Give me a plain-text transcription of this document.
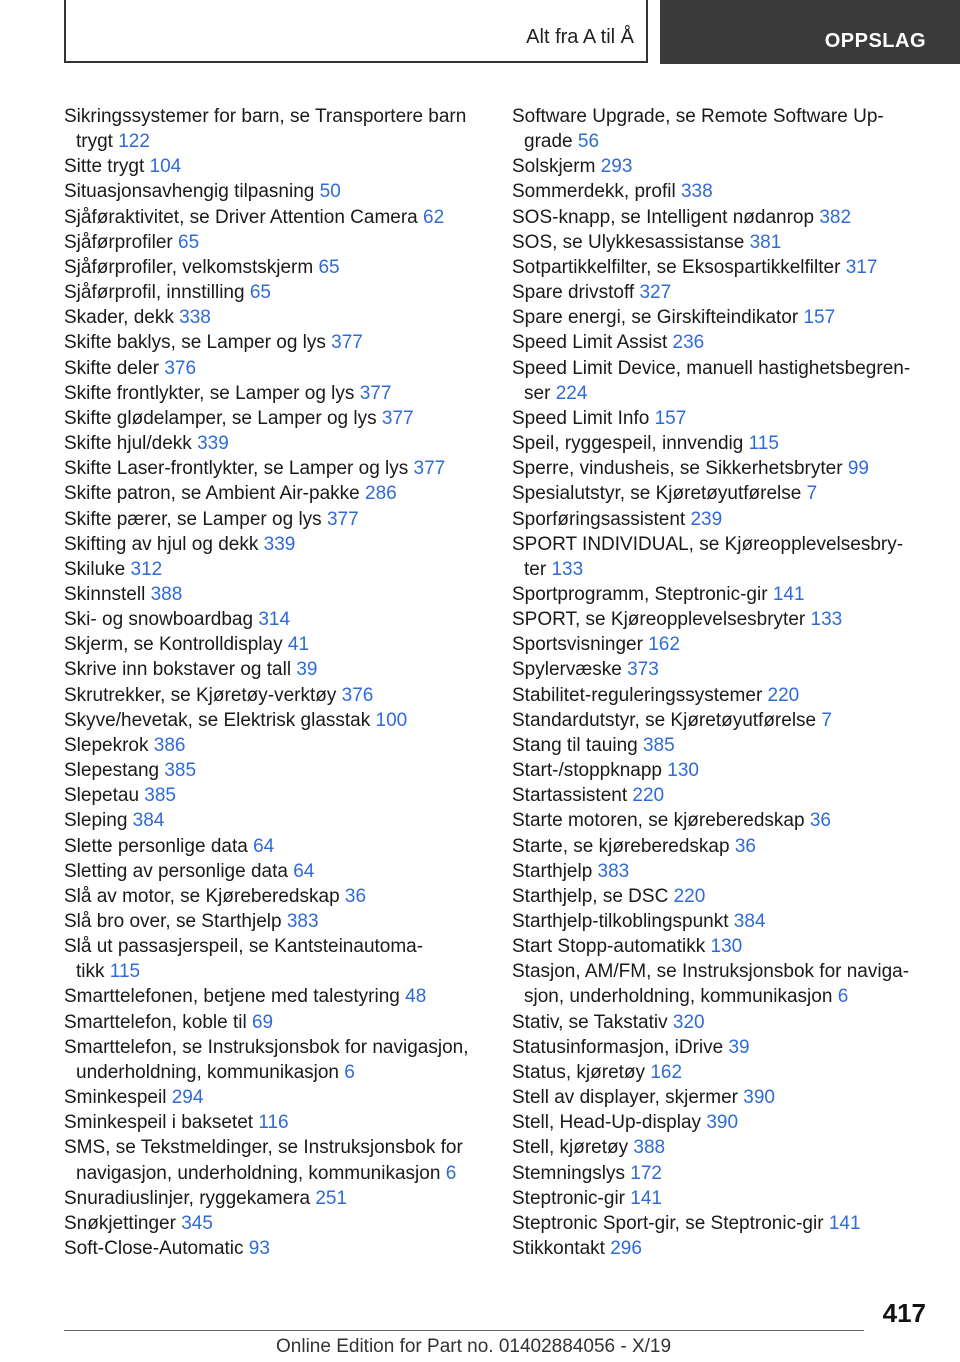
Alt fra A til Å	OPPSLAG
Sikringssystemer for barn, se Transportere barn
trygt 122
Sitte trygt 104
Situasjonsavhengig tilpasning 50
Sjåføraktivitet, se Driver Attention Camera 62
Sjåførprofiler 65
Sjåførprofiler, velkomstskjerm 65
Sjåførprofil, innstilling 65
Skader, dekk 338
Skifte baklys, se Lamper og lys 377
Skifte deler 376
Skifte frontlykter, se Lamper og lys 377
Skifte glødelamper, se Lamper og lys 377
Skifte hjul/dekk 339
Skifte Laser-frontlykter, se Lamper og lys 377
Skifte patron, se Ambient Air-pakke 286
Skifte pærer, se Lamper og lys 377
Skifting av hjul og dekk 339
Skiluke 312
Skinnstell 388
Ski- og snowboardbag 314
Skjerm, se Kontrolldisplay 41
Skrive inn bokstaver og tall 39
Skrutrekker, se Kjøretøy-verktøy 376
Skyve/hevetak, se Elektrisk glasstak 100
Slepekrok 386
Slepestang 385
Slepetau 385
Sleping 384
Slette personlige data 64
Sletting av personlige data 64
Slå av motor, se Kjøreberedskap 36
Slå bro over, se Starthjelp 383
Slå ut passasjerspeil, se Kantsteinautoma-
tikk 115
Smarttelefonen, betjene med talestyring 48
Smarttelefon, koble til 69
Smarttelefon, se Instruksjonsbok for navigasjon,
underholdning, kommunikasjon 6
Sminkespeil 294
Sminkespeil i baksetet 116
SMS, se Tekstmeldinger, se Instruksjonsbok for
navigasjon, underholdning, kommunikasjon 6
Snuradiuslinjer, ryggekamera 251
Snøkjettinger 345
Soft-Close-Automatic 93
Software Upgrade, se Remote Software Up-
grade 56
Solskjerm 293
Sommerdekk, profil 338
SOS-knapp, se Intelligent nødanrop 382
SOS, se Ulykkesassistanse 381
Sotpartikkelfilter, se Eksospartikkelfilter 317
Spare drivstoff 327
Spare energi, se Girskifteindikator 157
Speed Limit Assist 236
Speed Limit Device, manuell hastighetsbegren-
ser 224
Speed Limit Info 157
Speil, ryggespeil, innvendig 115
Sperre, vindusheis, se Sikkerhetsbryter 99
Spesialutstyr, se Kjøretøyutførelse 7
Sporføringsassistent 239
SPORT INDIVIDUAL, se Kjøreopplevelsesbry-
ter 133
Sportprogramm, Steptronic-gir 141
SPORT, se Kjøreopplevelsesbryter 133
Sportsvisninger 162
Spylervæske 373
Stabilitet-reguleringssystemer 220
Standardutstyr, se Kjøretøyutførelse 7
Stang til tauing 385
Start-/stoppknapp 130
Startassistent 220
Starte motoren, se kjøreberedskap 36
Starte, se kjøreberedskap 36
Starthjelp 383
Starthjelp, se DSC 220
Starthjelp-tilkoblingspunkt 384
Start Stopp-automatikk 130
Stasjon, AM/FM, se Instruksjonsbok for naviga-
sjon, underholdning, kommunikasjon 6
Stativ, se Takstativ 320
Statusinformasjon, iDrive 39
Status, kjøretøy 162
Stell av displayer, skjermer 390
Stell, Head-Up-display 390
Stell, kjøretøy 388
Stemningslys 172
Steptronic-gir 141
Steptronic Sport-gir, se Steptronic-gir 141
Stikkontakt 296
417
Online Edition for Part no. 01402884056 - X/19
